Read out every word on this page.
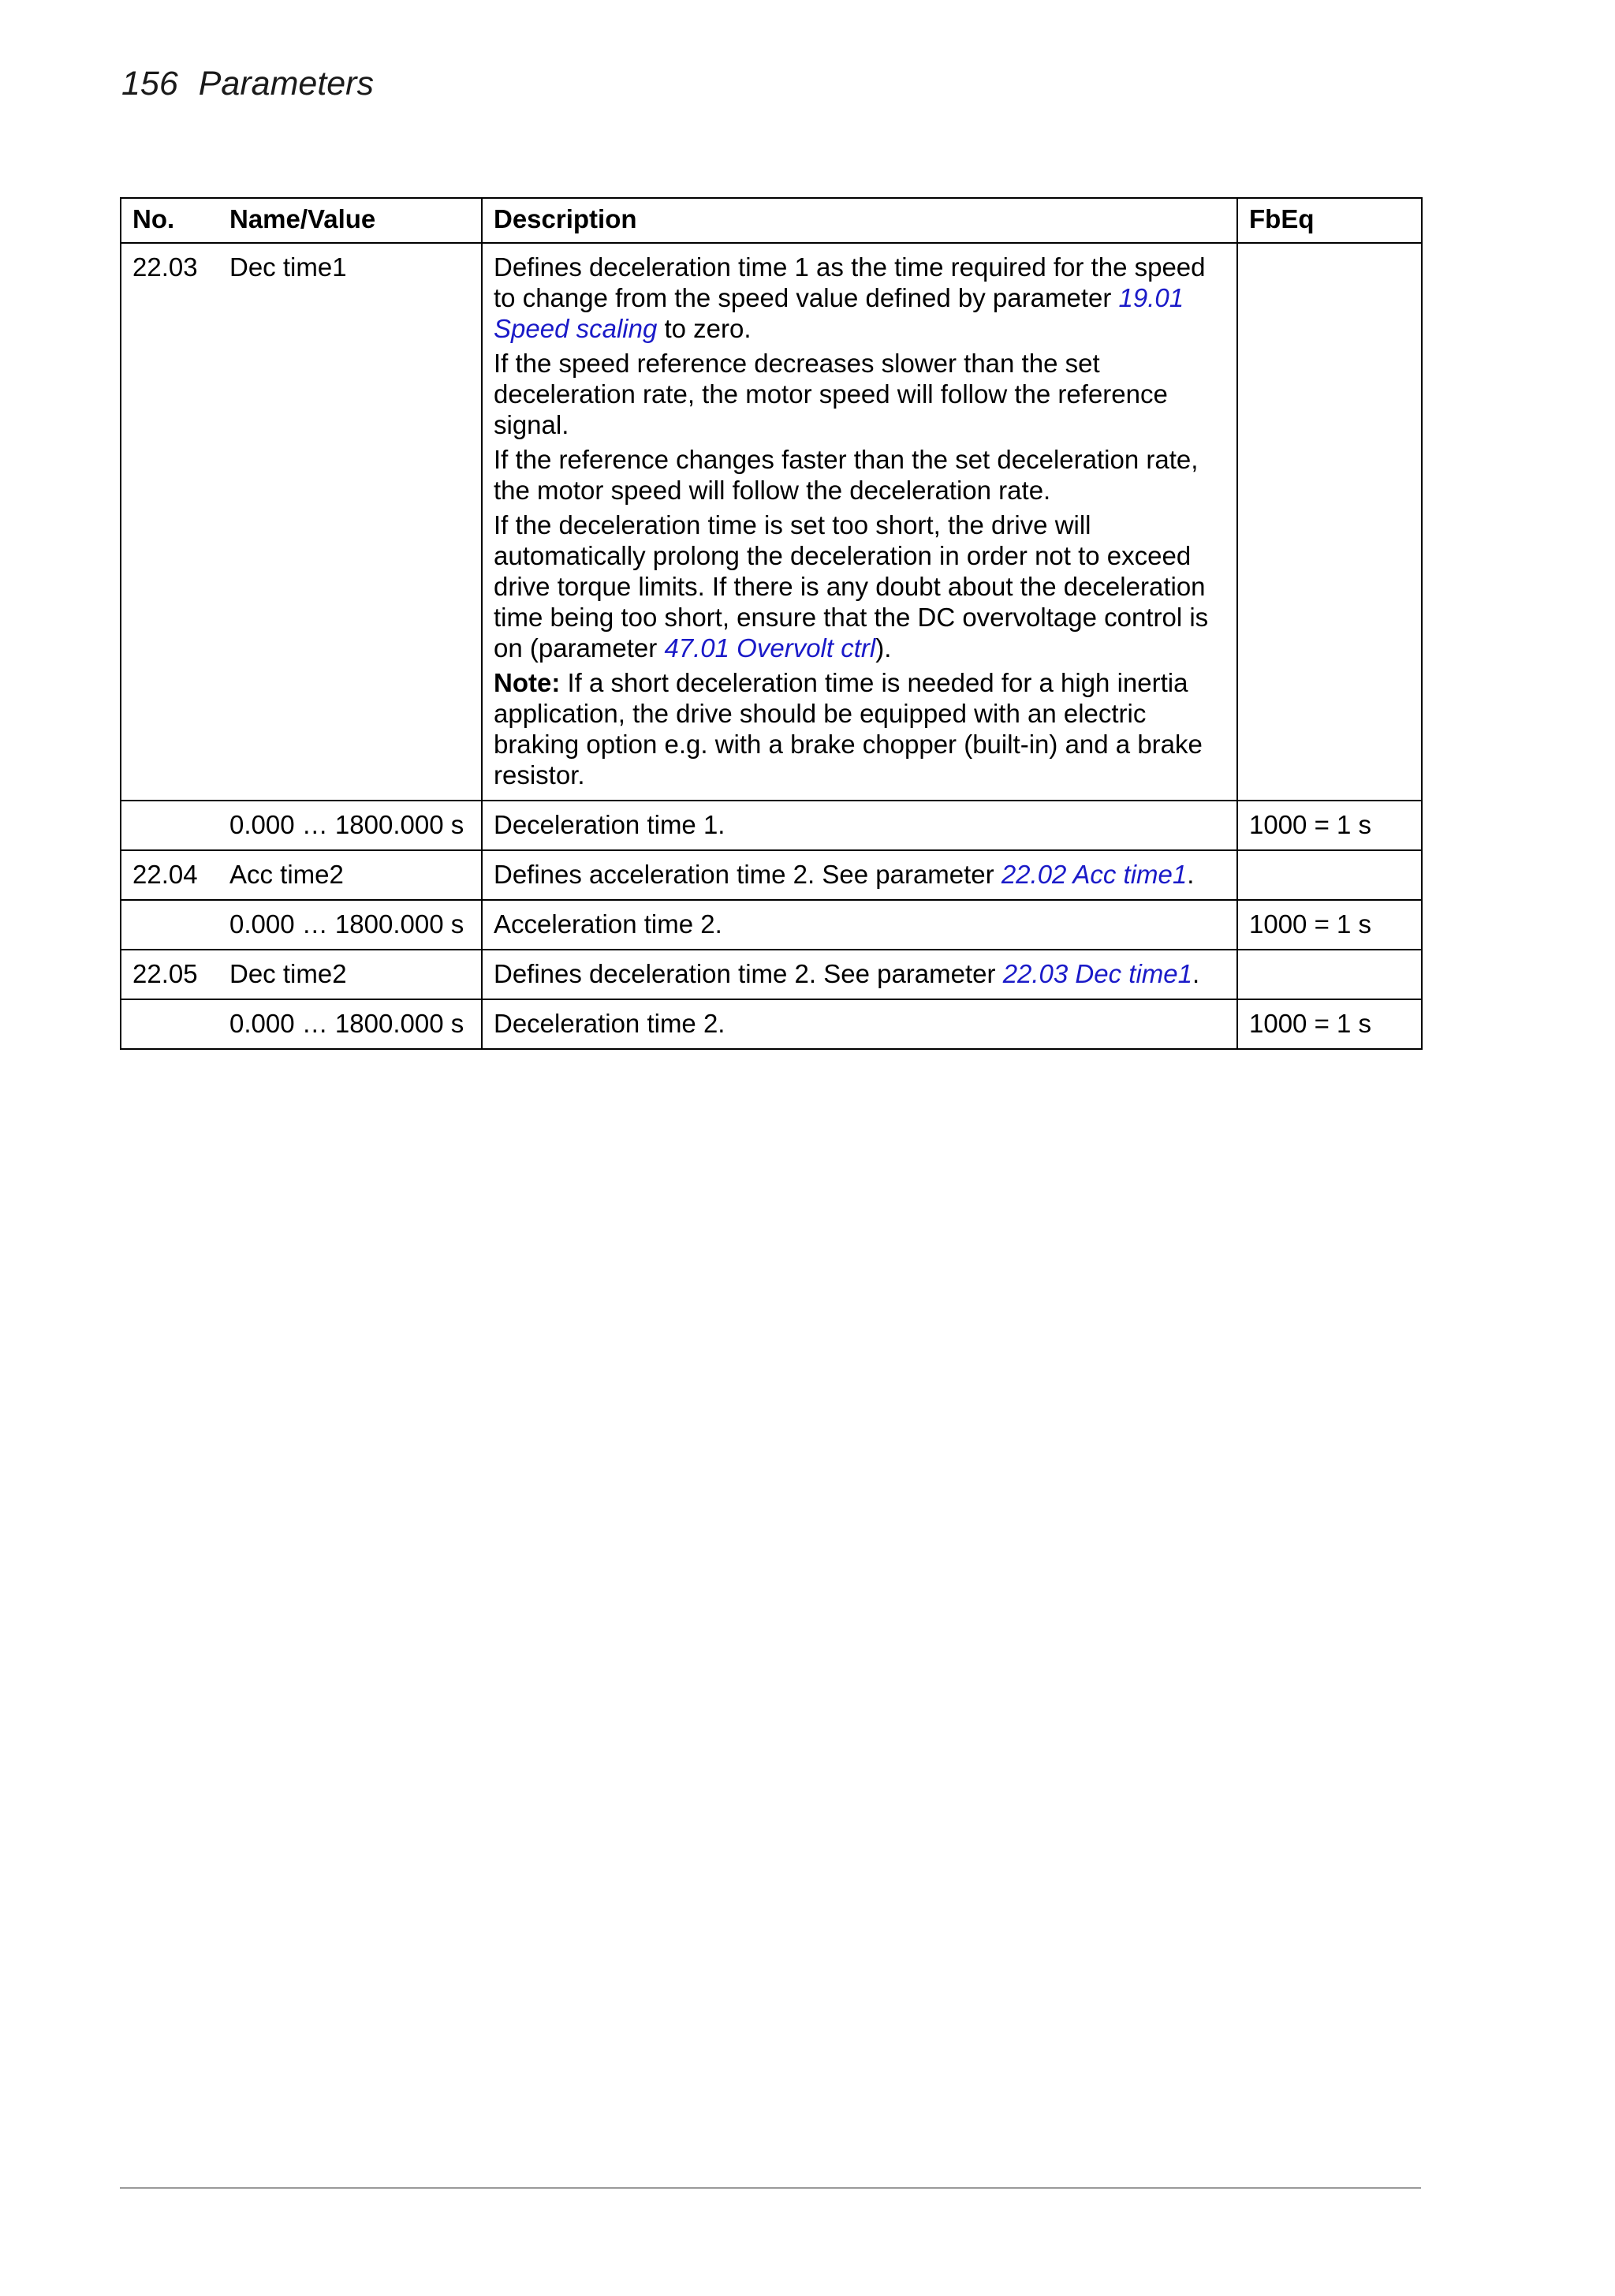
156 Parameters
No.	Name/Value	Description	FbEq
22.03	Dec time1	Defines deceleration time 1 as the time required for the speed to change from the speed value defined by parameter 19.01 Speed scaling to zero.

If the speed reference decreases slower than the set deceleration rate, the motor speed will follow the reference signal.

If the reference changes faster than the set deceleration rate, the motor speed will follow the deceleration rate.

If the deceleration time is set too short, the drive will automatically prolong the deceleration in order not to exceed drive torque limits. If there is any doubt about the deceleration time being too short, ensure that the DC overvoltage control is on (parameter 47.01 Overvolt ctrl).

Note: If a short deceleration time is needed for a high inertia application, the drive should be equipped with an electric braking option e.g. with a brake chopper (built-in) and a brake resistor.	

	0.000 … 1800.000 s	Deceleration time 1.	1000 = 1 s
22.04	Acc time2	Defines acceleration time 2. See parameter 22.02 Acc time1.	
	0.000 … 1800.000 s	Acceleration time 2.	1000 = 1 s
22.05	Dec time2	Defines deceleration time 2. See parameter 22.03 Dec time1.	
	0.000 … 1800.000 s	Deceleration time 2.	1000 = 1 s
